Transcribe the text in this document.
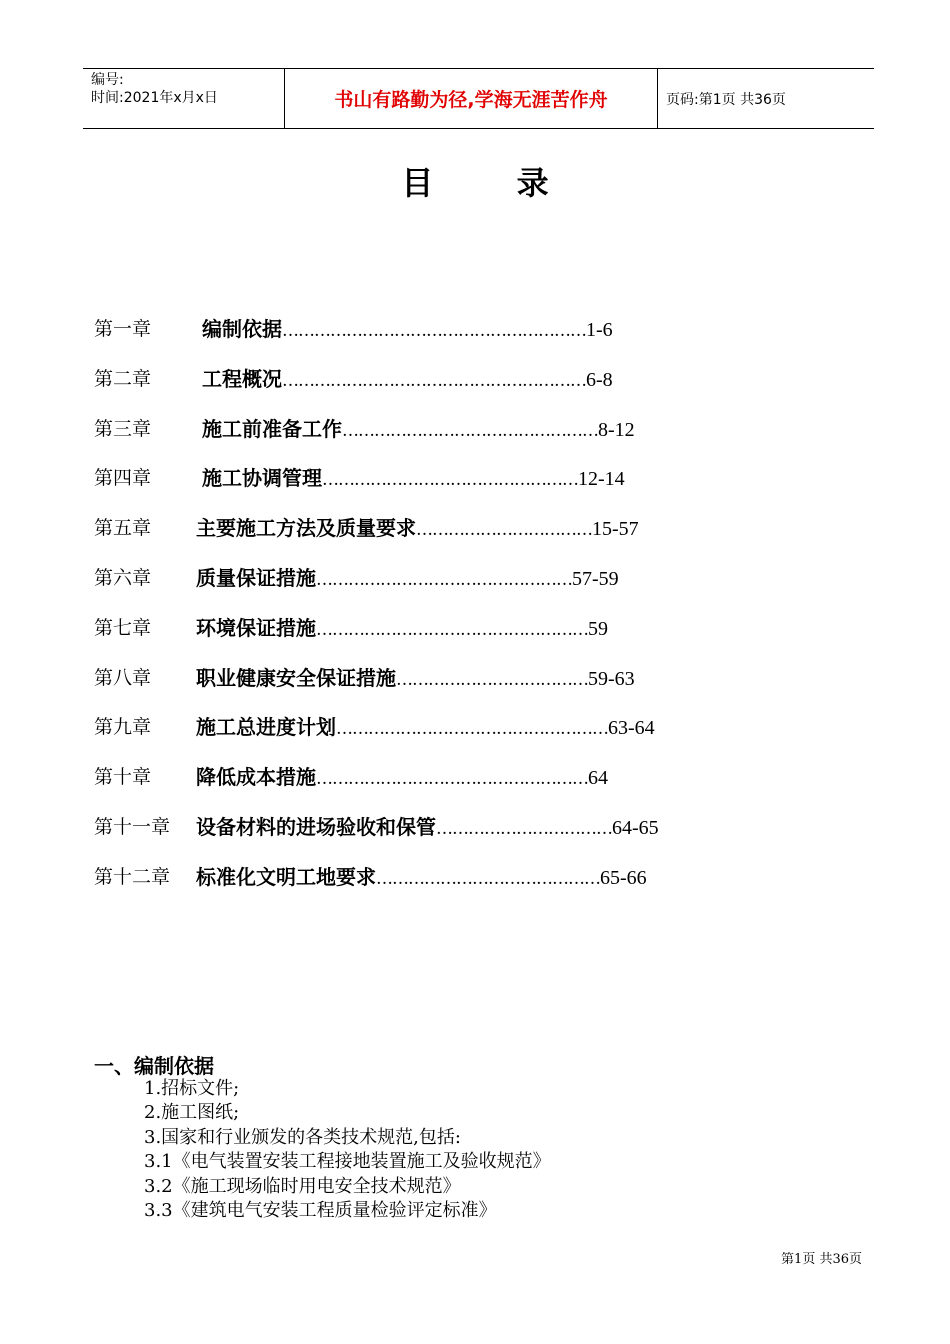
编号:
时间:2021年x月x日	书山有路勤为径,学海无涯苦作舟	页码:第1页 共36页
目 录
第一章	编制依据…………………………………………………1-6
第二章	工程概况…………………………………………………6-8
第三章	施工前准备工作…………………………………………8-12
第四章	施工协调管理…………………………………………12-14
第五章 主要施工方法及质量要求……………………………15-57
第六章 质量保证措施…………………………………………57-59
第七章 环境保证措施……………………………………………59
第八章 职业健康安全保证措施………………………………59-63
第九章 施工总进度计划……………………………………………63-64
第十章 降低成本措施……………………………………………64
第十一章 设备材料的进场验收和保管……………………………64-65
第十二章 标准化文明工地要求……………………………………65-66
一、编制依据
1.招标文件;
2.施工图纸;
3.国家和行业颁发的各类技术规范,包括:
3.1《电气装置安装工程接地装置施工及验收规范》
3.2《施工现场临时用电安全技术规范》
3.3《建筑电气安装工程质量检验评定标准》
第1页 共36页
